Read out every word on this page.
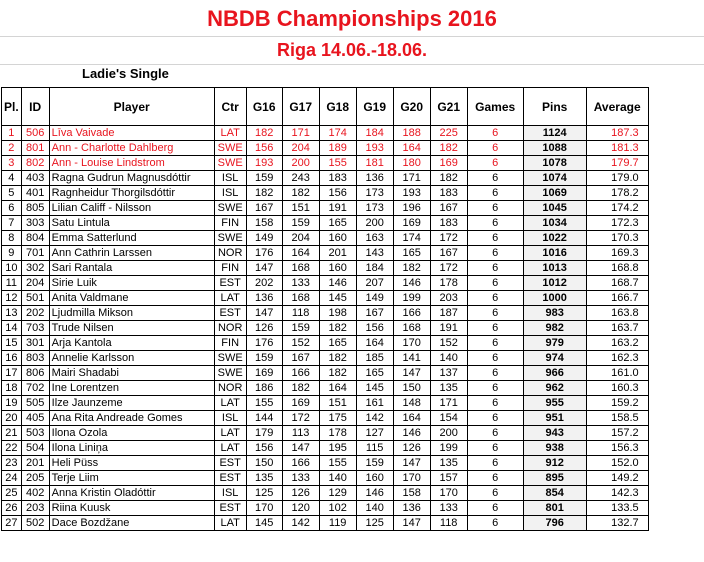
NBDB Championships 2016
Riga 14.06.-18.06.
Ladie's Single
Pl.	ID	Player	Ctr	G16	G17	G18	G19	G20	G21	Games	Pins	Average
1	506	Līva Vaivade	LAT	182	171	174	184	188	225	6	1124	187.3
2	801	Ann - Charlotte Dahlberg	SWE	156	204	189	193	164	182	6	1088	181.3
3	802	Ann - Louise Lindstrom	SWE	193	200	155	181	180	169	6	1078	179.7
4	403	Ragna Gudrun Magnusdóttir	ISL	159	243	183	136	171	182	6	1074	179.0
5	401	Ragnheidur Thorgilsdóttir	ISL	182	182	156	173	193	183	6	1069	178.2
6	805	Lilian Califf - Nilsson	SWE	167	151	191	173	196	167	6	1045	174.2
7	303	Satu Lintula	FIN	158	159	165	200	169	183	6	1034	172.3
8	804	Emma Satterlund	SWE	149	204	160	163	174	172	6	1022	170.3
9	701	Ann Cathrin Larssen	NOR	176	164	201	143	165	167	6	1016	169.3
10	302	Sari Rantala	FIN	147	168	160	184	182	172	6	1013	168.8
11	204	Sirie Luik	EST	202	133	146	207	146	178	6	1012	168.7
12	501	Anita Valdmane	LAT	136	168	145	149	199	203	6	1000	166.7
13	202	Ljudmilla Mikson	EST	147	118	198	167	166	187	6	983	163.8
14	703	Trude Nilsen	NOR	126	159	182	156	168	191	6	982	163.7
15	301	Arja Kantola	FIN	176	152	165	164	170	152	6	979	163.2
16	803	Annelie Karlsson	SWE	159	167	182	185	141	140	6	974	162.3
17	806	Mairi Shadabi	SWE	169	166	182	165	147	137	6	966	161.0
18	702	Ine Lorentzen	NOR	186	182	164	145	150	135	6	962	160.3
19	505	Ilze Jaunzeme	LAT	155	169	151	161	148	171	6	955	159.2
20	405	Ana Rita Andreade Gomes	ISL	144	172	175	142	164	154	6	951	158.5
21	503	Ilona Ozola	LAT	179	113	178	127	146	200	6	943	157.2
22	504	Ilona Liniņa	LAT	156	147	195	115	126	199	6	938	156.3
23	201	Heli Püss	EST	150	166	155	159	147	135	6	912	152.0
24	205	Terje Liim	EST	135	133	140	160	170	157	6	895	149.2
25	402	Anna Kristin Oladóttir	ISL	125	126	129	146	158	170	6	854	142.3
26	203	Riina Kuusk	EST	170	120	102	140	136	133	6	801	133.5
27	502	Dace Bozdžane	LAT	145	142	119	125	147	118	6	796	132.7
